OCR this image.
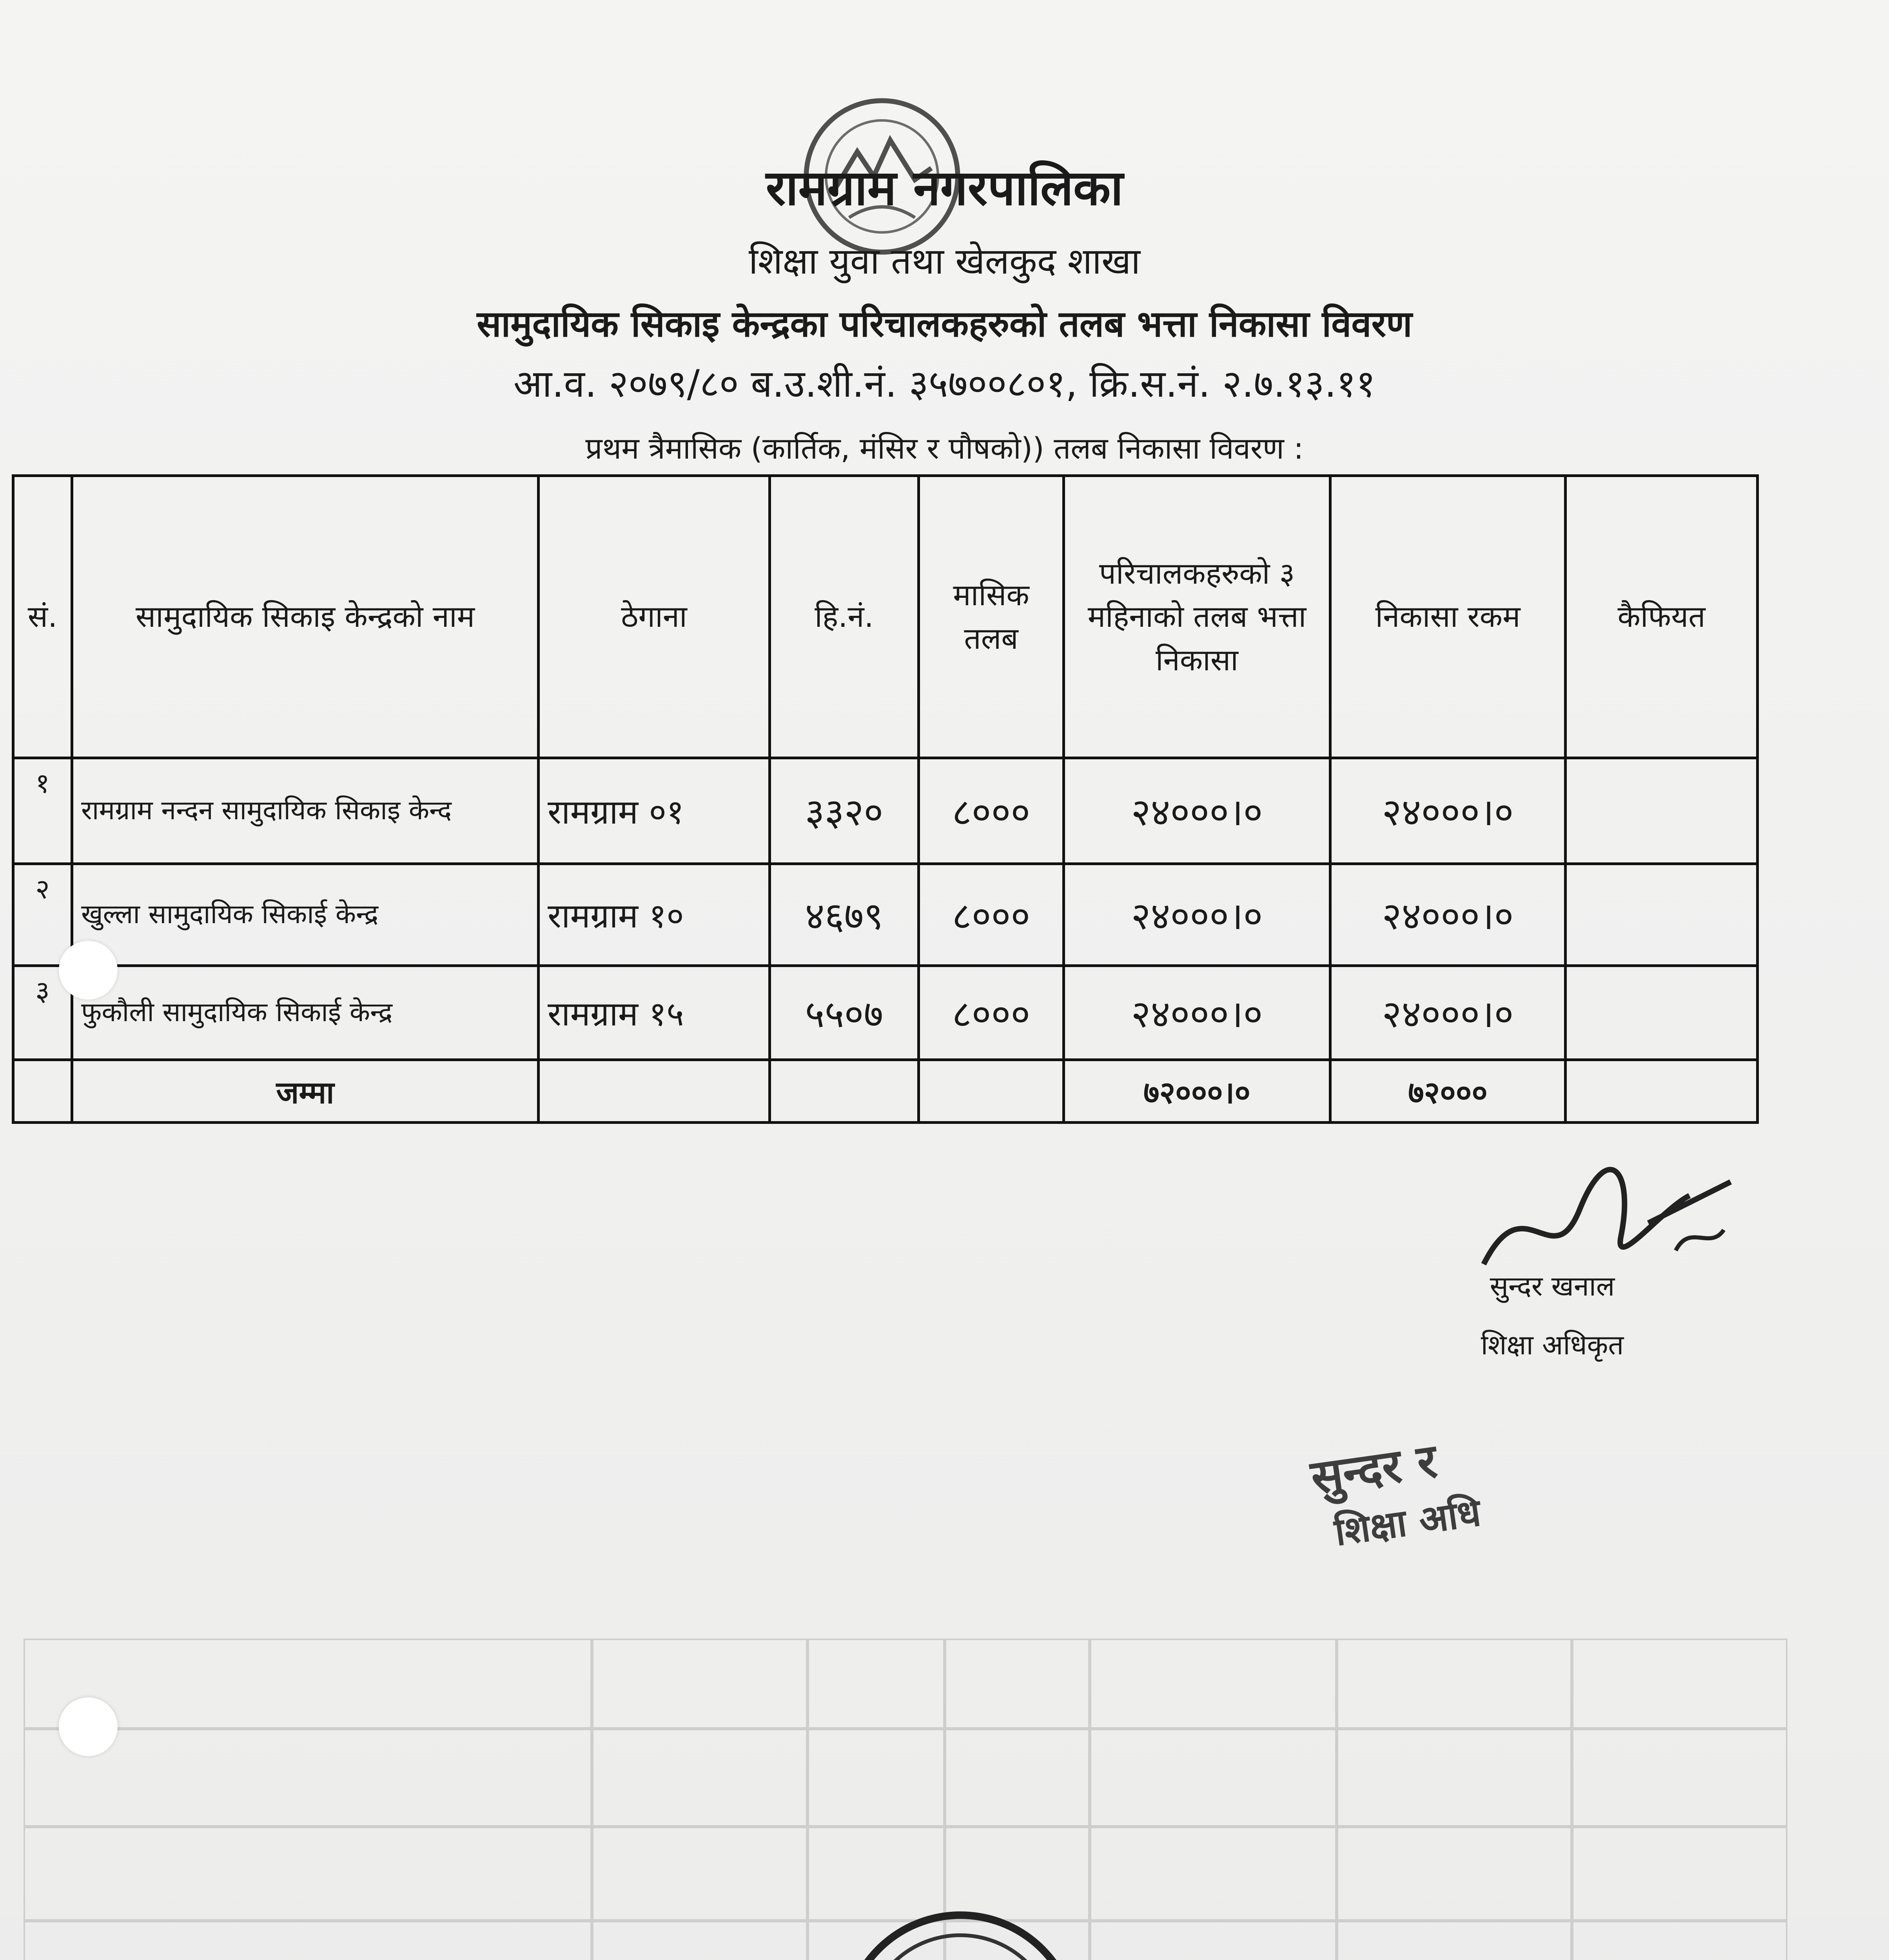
रामग्राम नगरपालिका
शिक्षा युवा तथा खेलकुद शाखा
सामुदायिक सिकाइ केन्द्रका परिचालकहरुको तलब भत्ता निकासा विवरण
आ.व. २०७९/८० ब.उ.शी.नं. ३५७००८०१, क्रि.स.नं. २.७.१३.११
प्रथम त्रैमासिक (कार्तिक, मंसिर र पौषको)) तलब निकासा विवरण :
सं.	सामुदायिक सिकाइ केन्द्रको नाम	ठेगाना	हि.नं.	मासिक तलब	परिचालकहरुको ३ महिनाको तलब भत्ता निकासा	निकासा रकम	कैफियत
१	रामग्राम नन्दन सामुदायिक सिकाइ केन्द	रामग्राम ०१	३३२०	८०००	२४०००।०	२४०००।०	
२	खुल्ला सामुदायिक सिकाई केन्द्र	रामग्राम १०	४६७९	८०००	२४०००।०	२४०००।०	
३	फुकौली सामुदायिक सिकाई केन्द्र	रामग्राम १५	५५०७	८०००	२४०००।०	२४०००।०	
	जम्मा				७२०००।०	७२०००	
सुन्दर खनाल
शिक्षा अधिकृत
सुन्दर र
शिक्षा अधि
